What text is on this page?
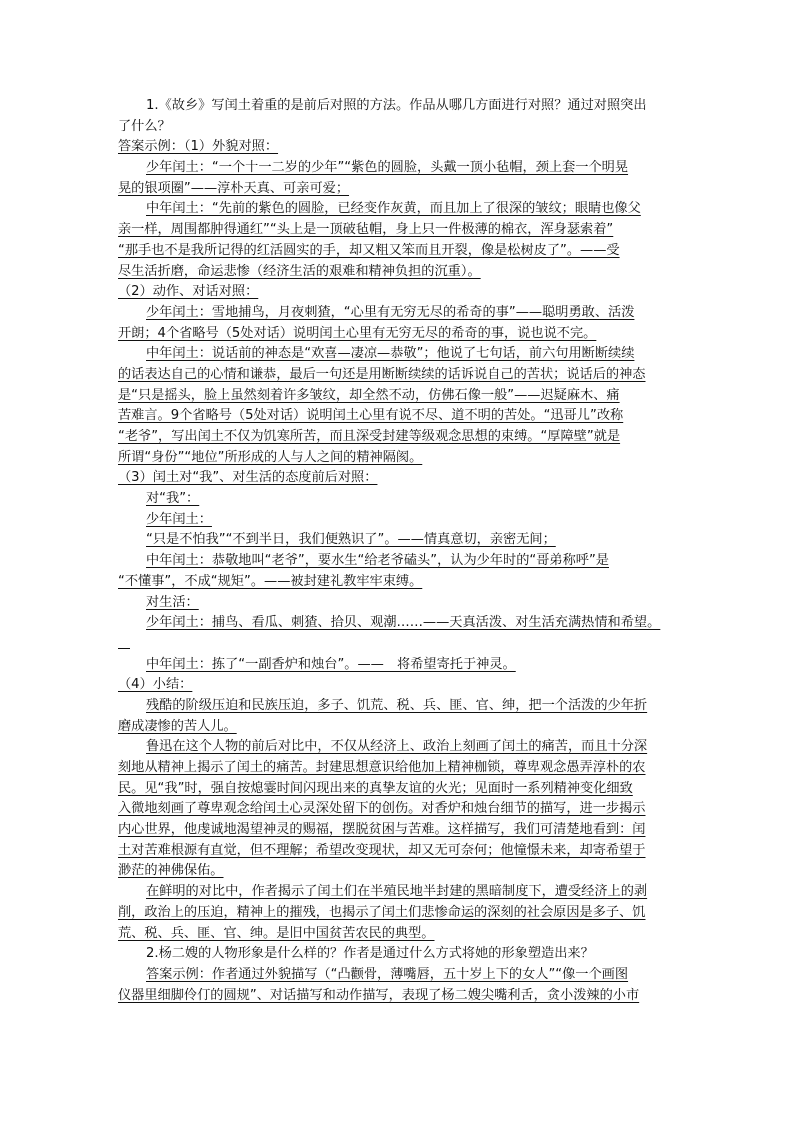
1.《故乡》写闰土着重的是前后对照的方法。作品从哪几方面进行对照？通过对照突出
了什么？
答案示例：（1）外貌对照：
少年闰土：“一个十一二岁的少年”“紫色的圆脸，头戴一顶小毡帽，颈上套一个明晃
晃的银项圈”——淳朴天真、可亲可爱；
中年闰土：“先前的紫色的圆脸，已经变作灰黄，而且加上了很深的皱纹；眼睛也像父
亲一样，周围都肿得通红”“头上是一顶破毡帽，身上只一件极薄的棉衣，浑身瑟索着”
“那手也不是我所记得的红活圆实的手，却又粗又笨而且开裂，像是松树皮了”。——受
尽生活折磨，命运悲惨（经济生活的艰难和精神负担的沉重）。
（2）动作、对话对照：
少年闰土：雪地捕鸟，月夜刺猹，“心里有无穷无尽的希奇的事”——聪明勇敢、活泼
开朗；4个省略号（5处对话）说明闰土心里有无穷无尽的希奇的事，说也说不完。
中年闰土：说话前的神态是“欢喜—凄凉—恭敬”；他说了七句话，前六句用断断续续
的话表达自己的心情和谦恭，最后一句还是用断断续续的话诉说自己的苦状；说话后的神态
是“只是摇头，脸上虽然刻着许多皱纹，却全然不动，仿佛石像一般”——迟疑麻木、痛
苦难言。9个省略号（5处对话）说明闰土心里有说不尽、道不明的苦处。“迅哥儿”改称
“老爷”，写出闰土不仅为饥寒所苦，而且深受封建等级观念思想的束缚。“厚障壁”就是
所谓“身份”“地位”所形成的人与人之间的精神隔阂。
（3）闰土对“我”、对生活的态度前后对照：
对“我”：
少年闰土：
“只是不怕我”“不到半日，我们便熟识了”。——情真意切，亲密无间；
中年闰土：恭敬地叫“老爷”，要水生“给老爷磕头”，认为少年时的“哥弟称呼”是
“不懂事”，不成“规矩”。——被封建礼教牢牢束缚。
对生活：
少年闰土：捕鸟、看瓜、刺猹、拾贝、观潮……——天真活泼、对生活充满热情和希望。
中年闰土：拣了“一副香炉和烛台”。——　将希望寄托于神灵。
（4）小结：
残酷的阶级压迫和民族压迫，多子、饥荒、税、兵、匪、官、绅，把一个活泼的少年折
磨成凄惨的苦人儿。
鲁迅在这个人物的前后对比中，不仅从经济上、政治上刻画了闰土的痛苦，而且十分深
刻地从精神上揭示了闰土的痛苦。封建思想意识给他加上精神枷锁，尊卑观念愚弄淳朴的农
民。见“我”时，强自按熄霎时间闪现出来的真挚友谊的火光；见面时一系列精神变化细致
入微地刻画了尊卑观念给闰土心灵深处留下的创伤。对香炉和烛台细节的描写，进一步揭示
内心世界，他虔诚地渴望神灵的赐福，摆脱贫困与苦难。这样描写，我们可清楚地看到：闰
土对苦难根源有直觉，但不理解；希望改变现状，却又无可奈何；他憧憬未来，却寄希望于
渺茫的神佛保佑。
在鲜明的对比中，作者揭示了闰土们在半殖民地半封建的黑暗制度下，遭受经济上的剥
削，政治上的压迫，精神上的摧残，也揭示了闰土们悲惨命运的深刻的社会原因是多子、饥
荒、税、兵、匪、官、绅。是旧中国贫苦农民的典型。
2.杨二嫂的人物形象是什么样的？作者是通过什么方式将她的形象塑造出来？
答案示例：作者通过外貌描写（“凸颧骨，薄嘴唇，五十岁上下的女人”“像一个画图
仪器里细脚伶仃的圆规”、对话描写和动作描写，表现了杨二嫂尖嘴利舌，贪小泼辣的小市
